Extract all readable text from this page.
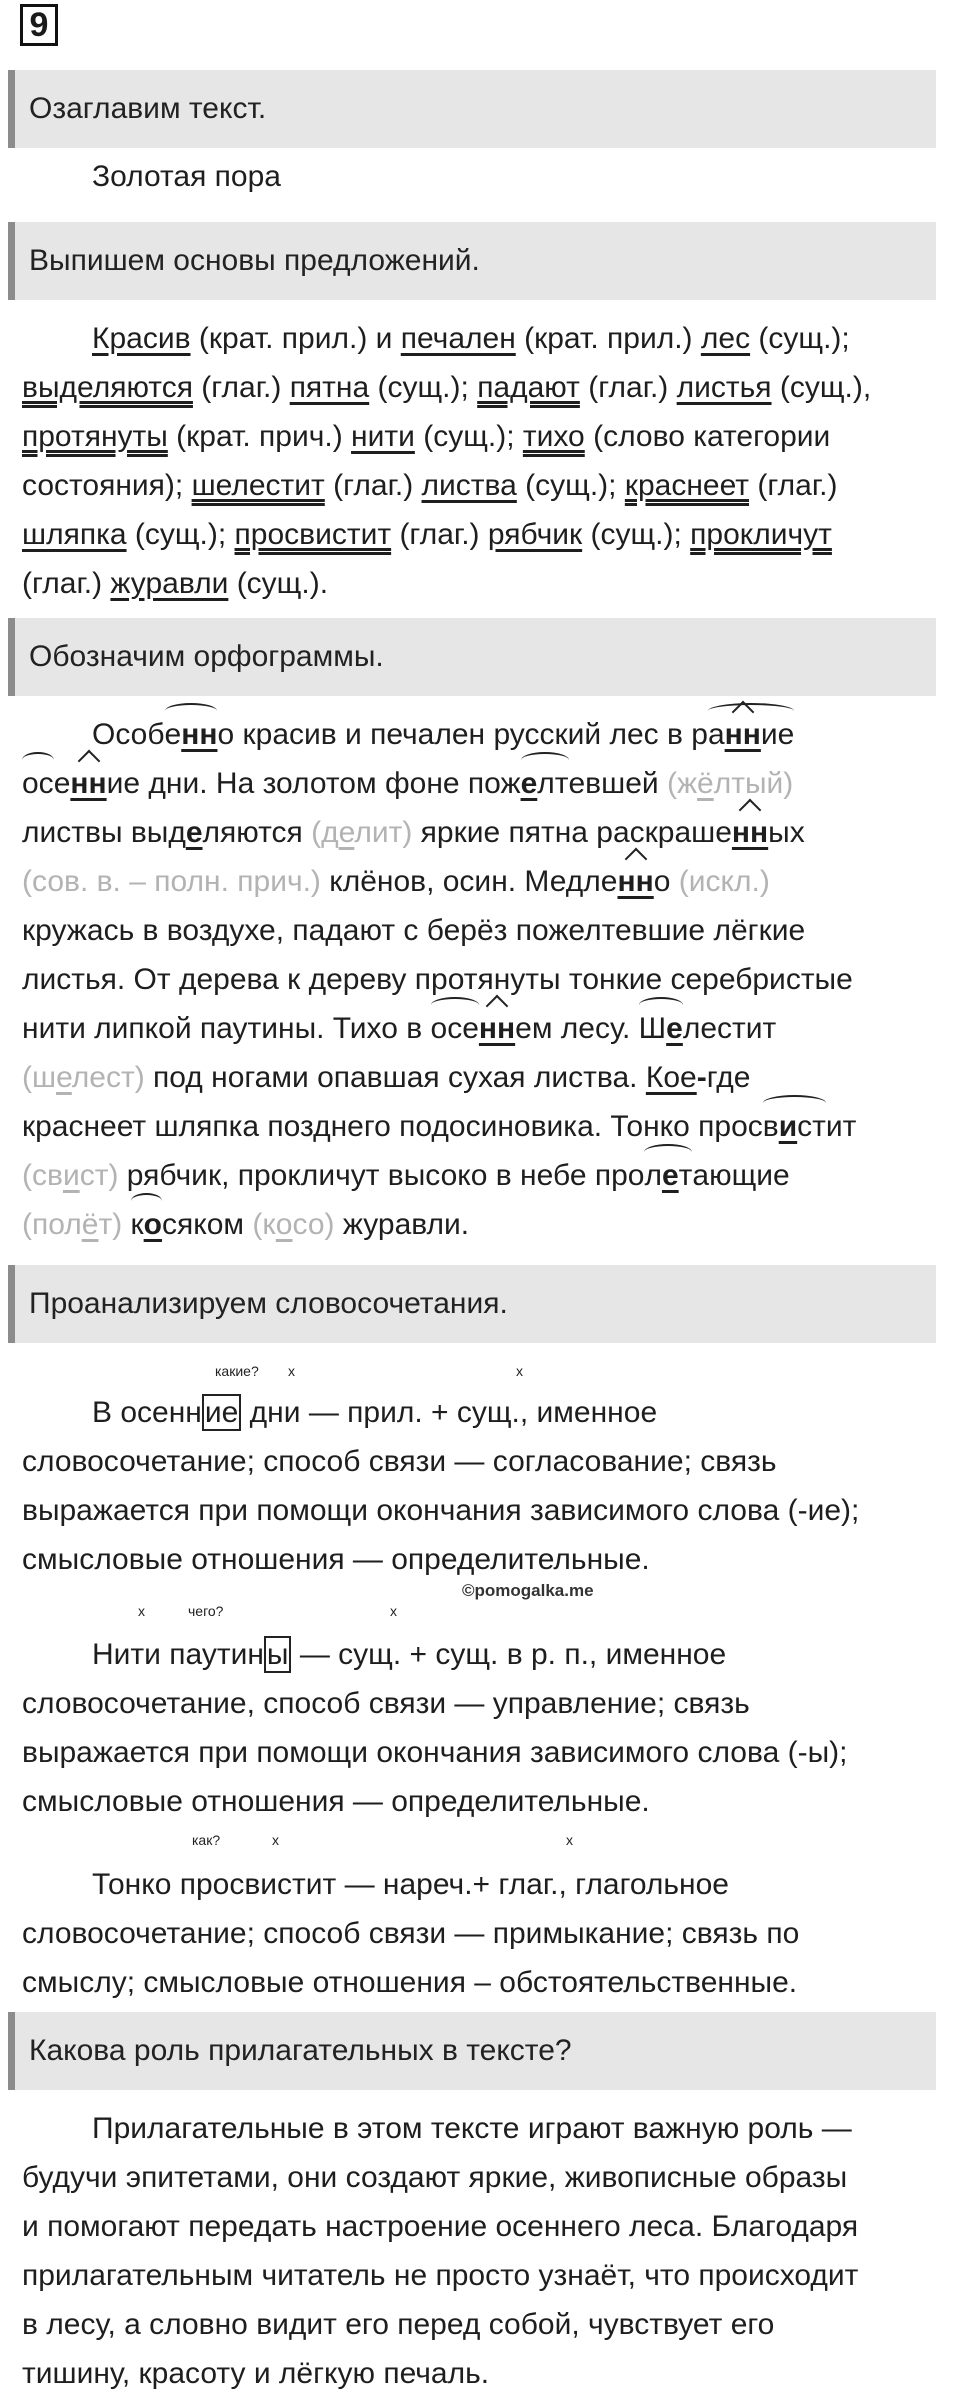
9
Озаглавим текст.
Золотая пора
Выпишем основы предложений.
Красив (крат. прил.) и печален (крат. прил.) лес (сущ.);
выделяются (глаг.) пятна (сущ.); падают (глаг.) листья (сущ.),
протянуты (крат. прич.) нити (сущ.); тихо (слово категории
состояния); шелестит (глаг.) листва (сущ.); краснеет (глаг.)
шляпка (сущ.); просвистит (глаг.) рябчик (сущ.); прокличут
(глаг.) журавли (сущ.).
Обозначим орфограммы.
Особенно красив и печален русский лес в ранние
осенние дни. На золотом фоне пожелтевшей (жёлтый)
листвы выделяются (делит) яркие пятна раскрашенных
(сов. в. – полн. прич.) клёнов, осин. Медленно (искл.)
кружась в воздухе, падают с берёз пожелтевшие лёгкие
листья. От дерева к дереву протянуты тонкие серебристые
нити липкой паутины. Тихо в осеннем лесу. Шелестит
(шелест) под ногами опавшая сухая листва. Кое-где
краснеет шляпка позднего подосиновика. Тонко просвистит
(свист) рябчик, прокличут высоко в небе пролетающие
(полёт) косяком (косо) журавли.
Проанализируем словосочетания.
какие? x	x
В осенн ие дни — прил. + сущ., именное
словосочетание; способ связи — согласование; связь
выражается при помощи окончания зависимого слова (-ие);
смысловые отношения — определительные.
©pomogalka.me
x	чего?	x
Нити паутин ы — сущ. + сущ. в р. п., именное
словосочетание, способ связи — управление; связь
выражается при помощи окончания зависимого слова (-ы);
смысловые отношения — определительные.
как?	x	x
Тонко просвистит — нареч.+ глаг., глагольное
словосочетание; способ связи — примыкание; связь по
смыслу; смысловые отношения – обстоятельственные.
Какова роль прилагательных в тексте?
Прилагательные в этом тексте играют важную роль —
будучи эпитетами, они создают яркие, живописные образы
и помогают передать настроение осеннего леса. Благодаря
прилагательным читатель не просто узнаёт, что происходит
в лесу, а словно видит его перед собой, чувствует его
тишину, красоту и лёгкую печаль.
